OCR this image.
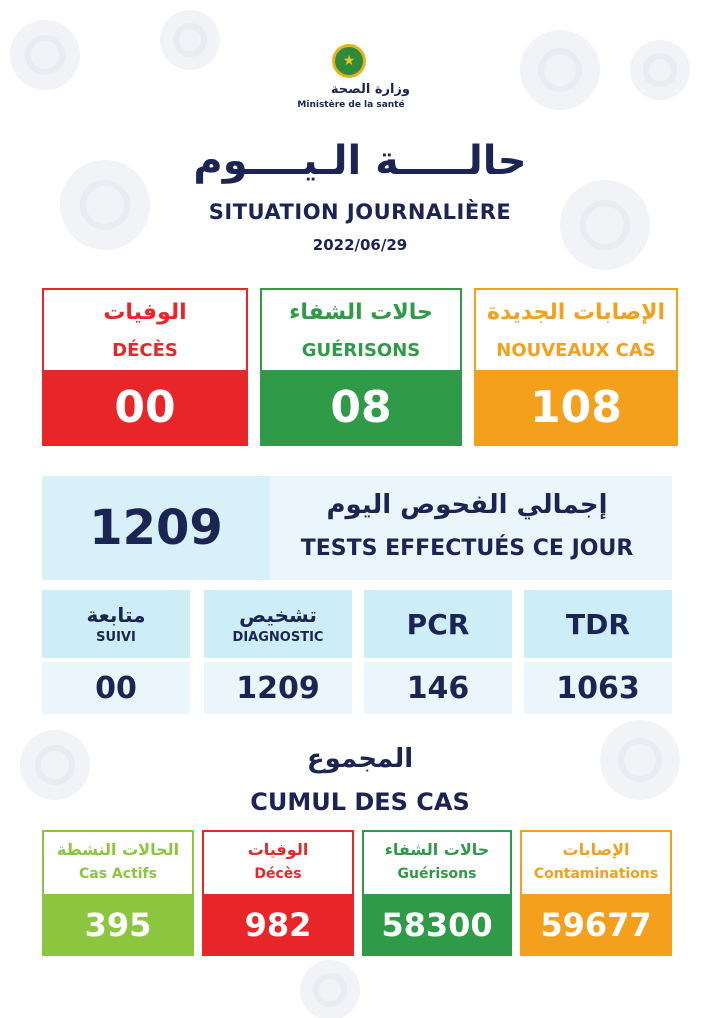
★
وزارة الصحة
Ministère de la santé
حالـــــة الـيــــوم
SITUATION JOURNALIÈRE
2022/06/29
الوفيات
DÉCÈS
00
حالات الشفاء
GUÉRISONS
08
الإصابات الجديدة
NOUVEAUX CAS
108
1209	إجمالي الفحوص اليوم
TESTS EFFECTUÉS CE JOUR
متابعة
SUIVI
00
تشخيص
DIAGNOSTIC
1209
PCR
146
TDR
1063
المجموع
CUMUL DES CAS
الحالات النشطة
Cas Actifs
395
الوفيات
Décès
982
حالات الشفاء
Guérisons
58300
الإصابات
Contaminations
59677
